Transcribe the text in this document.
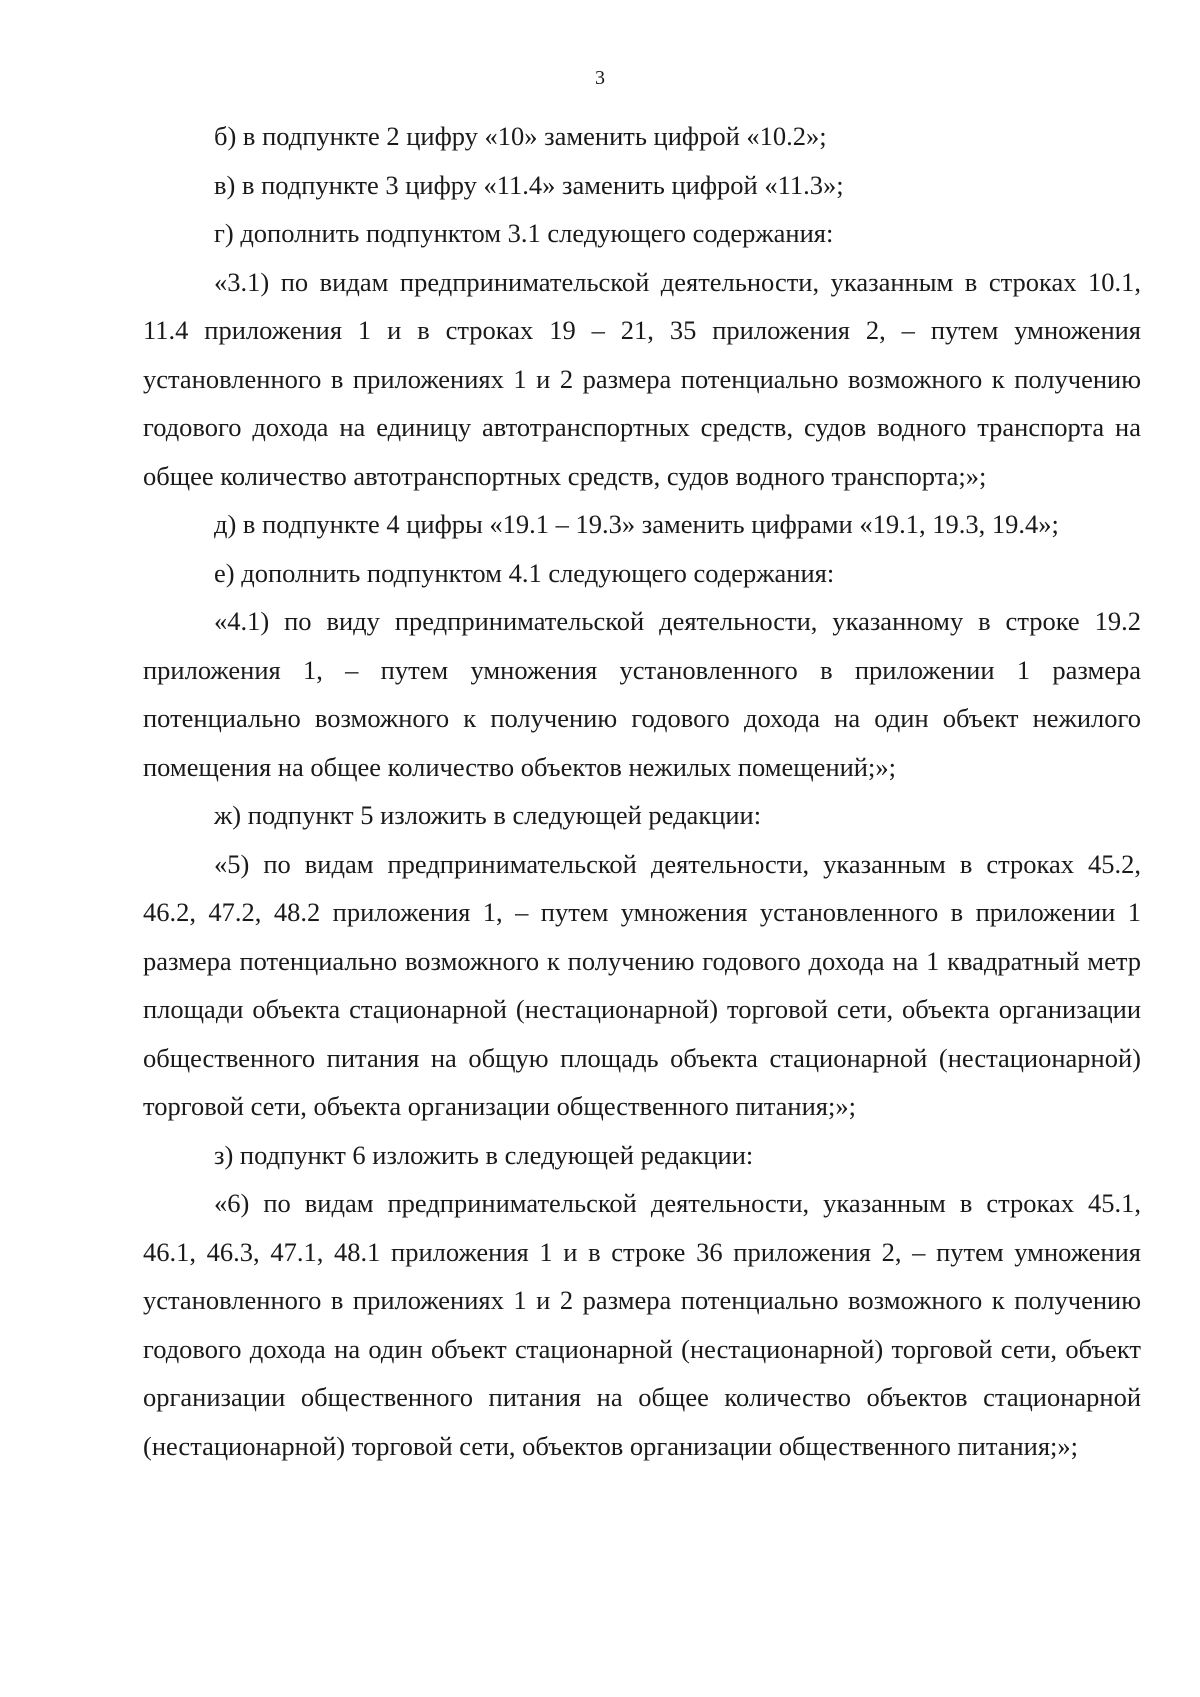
3

б) в подпункте 2 цифру «10» заменить цифрой «10.2»;

в) в подпункте 3 цифру «11.4» заменить цифрой «11.3»;

г) дополнить подпунктом 3.1 следующего содержания:

«3.1) по видам предпринимательской деятельности, указанным в строках 10.1, 11.4 приложения 1 и в строках 19 – 21, 35 приложения 2, – путем умножения установленного в приложениях 1 и 2 размера потенциально возможного к получению годового дохода на единицу автотранспортных средств, судов водного транспорта на общее количество автотранспортных средств, судов водного транспорта;»;

д) в подпункте 4 цифры «19.1 – 19.3» заменить цифрами «19.1, 19.3, 19.4»;

е) дополнить подпунктом 4.1 следующего содержания:

«4.1) по виду предпринимательской деятельности, указанному в строке 19.2 приложения 1, – путем умножения установленного в приложении 1 размера потенциально возможного к получению годового дохода на один объект нежилого помещения на общее количество объектов нежилых помещений;»;

ж) подпункт 5 изложить в следующей редакции:

«5) по видам предпринимательской деятельности, указанным в строках 45.2, 46.2, 47.2, 48.2 приложения 1, – путем умножения установленного в приложении 1 размера потенциально возможного к получению годового дохода на 1 квадратный метр площади объекта стационарной (нестационарной) торговой сети, объекта организации общественного питания на общую площадь объекта стационарной (нестационарной) торговой сети, объекта организации общественного питания;»;

з) подпункт 6 изложить в следующей редакции:

«6) по видам предпринимательской деятельности, указанным в строках 45.1, 46.1, 46.3, 47.1, 48.1 приложения 1 и в строке 36 приложения 2, – путем умножения установленного в приложениях 1 и 2 размера потенциально возможного к получению годового дохода на один объект стационарной (нестационарной) торговой сети, объект организации общественного питания на общее количество объектов стационарной (нестационарной) торговой сети, объектов организации общественного питания;»;
